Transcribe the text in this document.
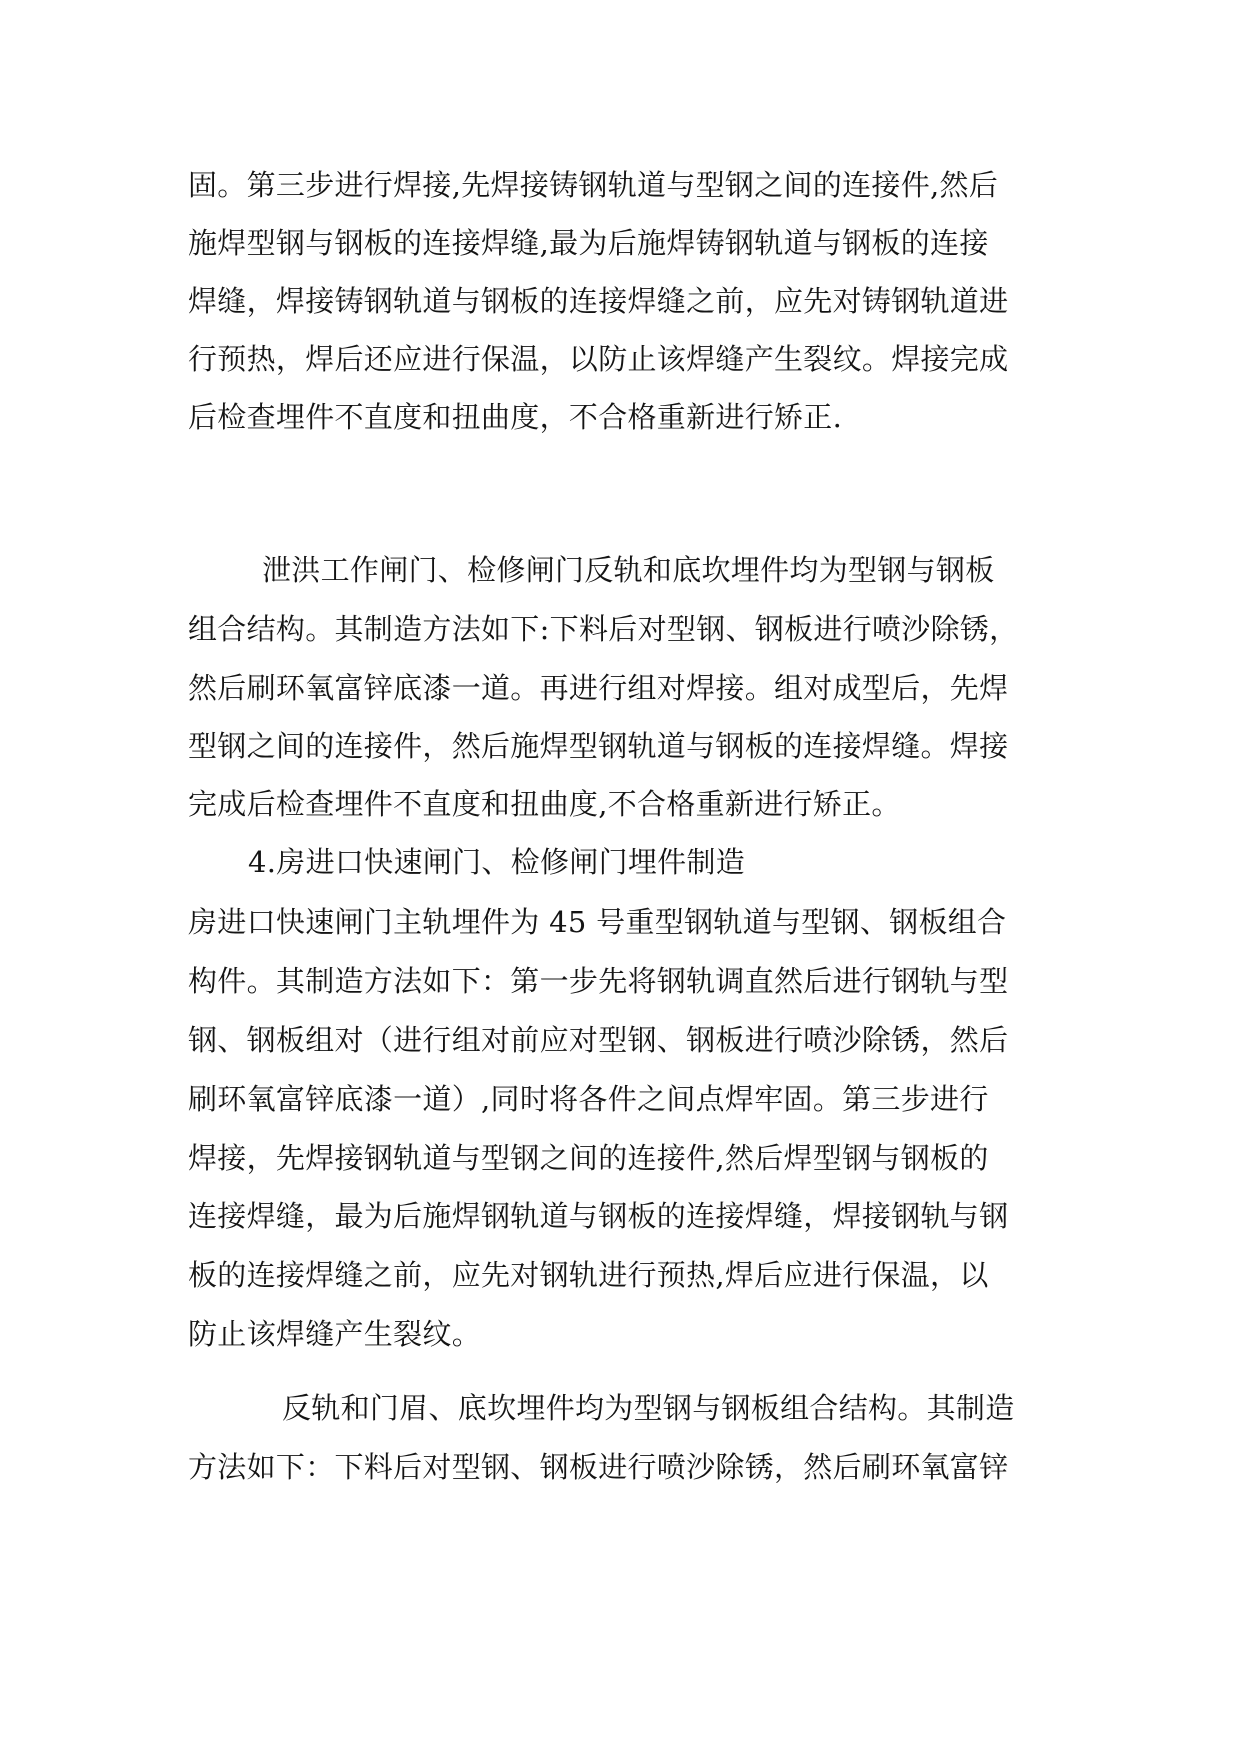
固。第三步进行焊接,先焊接铸钢轨道与型钢之间的连接件,然后
施焊型钢与钢板的连接焊缝,最为后施焊铸钢轨道与钢板的连接
焊缝，焊接铸钢轨道与钢板的连接焊缝之前，应先对铸钢轨道进
行预热，焊后还应进行保温，以防止该焊缝产生裂纹。焊接完成
后检查埋件不直度和扭曲度，不合格重新进行矫正.
泄洪工作闸门、检修闸门反轨和底坎埋件均为型钢与钢板
组合结构。其制造方法如下:下料后对型钢、钢板进行喷沙除锈，
然后刷环氧富锌底漆一道。再进行组对焊接。组对成型后，先焊
型钢之间的连接件，然后施焊型钢轨道与钢板的连接焊缝。焊接
完成后检查埋件不直度和扭曲度,不合格重新进行矫正。
4.房进口快速闸门、检修闸门埋件制造
房进口快速闸门主轨埋件为 45 号重型钢轨道与型钢、钢板组合
构件。其制造方法如下：第一步先将钢轨调直然后进行钢轨与型
钢、钢板组对（进行组对前应对型钢、钢板进行喷沙除锈，然后
刷环氧富锌底漆一道）,同时将各件之间点焊牢固。第三步进行
焊接，先焊接钢轨道与型钢之间的连接件,然后焊型钢与钢板的
连接焊缝，最为后施焊钢轨道与钢板的连接焊缝，焊接钢轨与钢
板的连接焊缝之前，应先对钢轨进行预热,焊后应进行保温，以
防止该焊缝产生裂纹。
反轨和门眉、底坎埋件均为型钢与钢板组合结构。其制造
方法如下：下料后对型钢、钢板进行喷沙除锈，然后刷环氧富锌
